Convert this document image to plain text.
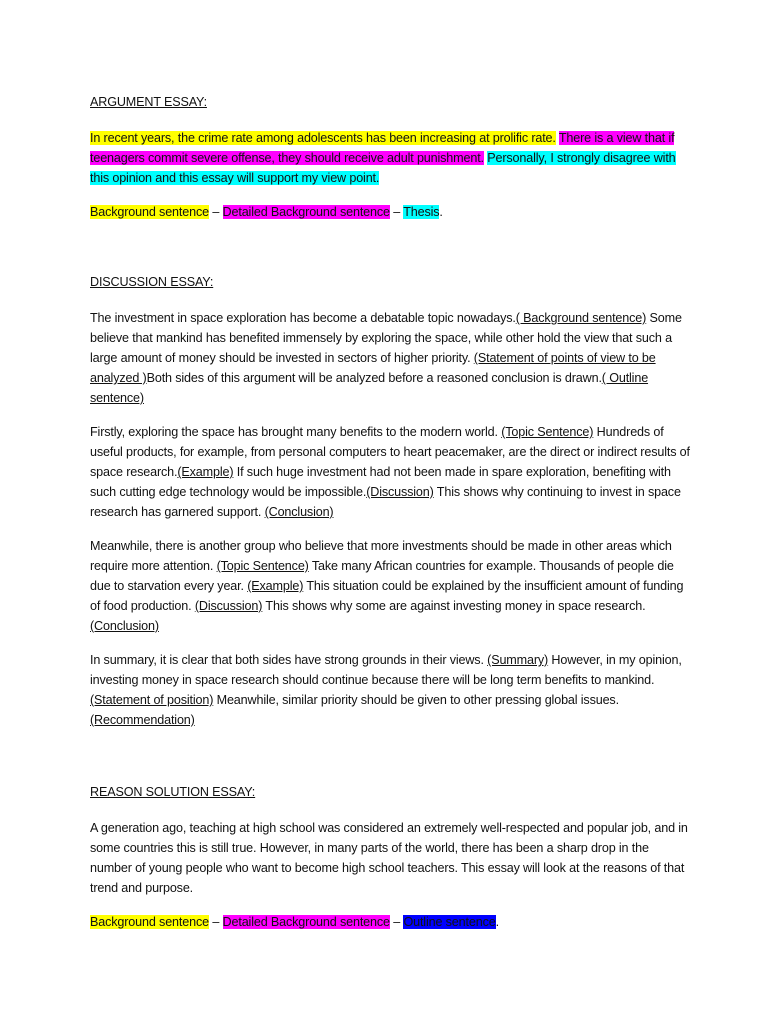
ARGUMENT ESSAY:
In recent years, the crime rate among adolescents has been increasing at prolific rate. There is a view that if teenagers commit severe offense, they should receive adult punishment. Personally, I strongly disagree with this opinion and this essay will support my view point.
Background sentence – Detailed Background sentence – Thesis.
DISCUSSION ESSAY:
The investment in space exploration has become a debatable topic nowadays.( Background sentence) Some believe that mankind has benefited immensely by exploring the space, while other hold the view that such a large amount of money should be invested in sectors of higher priority. (Statement of points of view to be analyzed )Both sides of this argument will be analyzed before a reasoned conclusion is drawn.( Outline sentence)
Firstly, exploring the space has brought many benefits to the modern world. (Topic Sentence) Hundreds of useful products, for example, from personal computers to heart peacemaker, are the direct or indirect results of space research.(Example) If such huge investment had not been made in spare exploration, benefiting with such cutting edge technology would be impossible.(Discussion) This shows why continuing to invest in space research has garnered support. (Conclusion)
Meanwhile, there is another group who believe that more investments should be made in other areas which require more attention. (Topic Sentence) Take many African countries for example. Thousands of people die due to starvation every year. (Example) This situation could be explained by the insufficient amount of funding of food production. (Discussion) This shows why some are against investing money in space research. (Conclusion)
In summary, it is clear that both sides have strong grounds in their views. (Summary) However, in my opinion, investing money in space research should continue because there will be long term benefits to mankind. (Statement of position) Meanwhile, similar priority should be given to other pressing global issues. (Recommendation)
REASON SOLUTION ESSAY:
A generation ago, teaching at high school was considered an extremely well-respected and popular job, and in some countries this is still true. However, in many parts of the world, there has been a sharp drop in the number of young people who want to become high school teachers. This essay will look at the reasons of that trend and purpose.
Background sentence – Detailed Background sentence – Outline sentence.
